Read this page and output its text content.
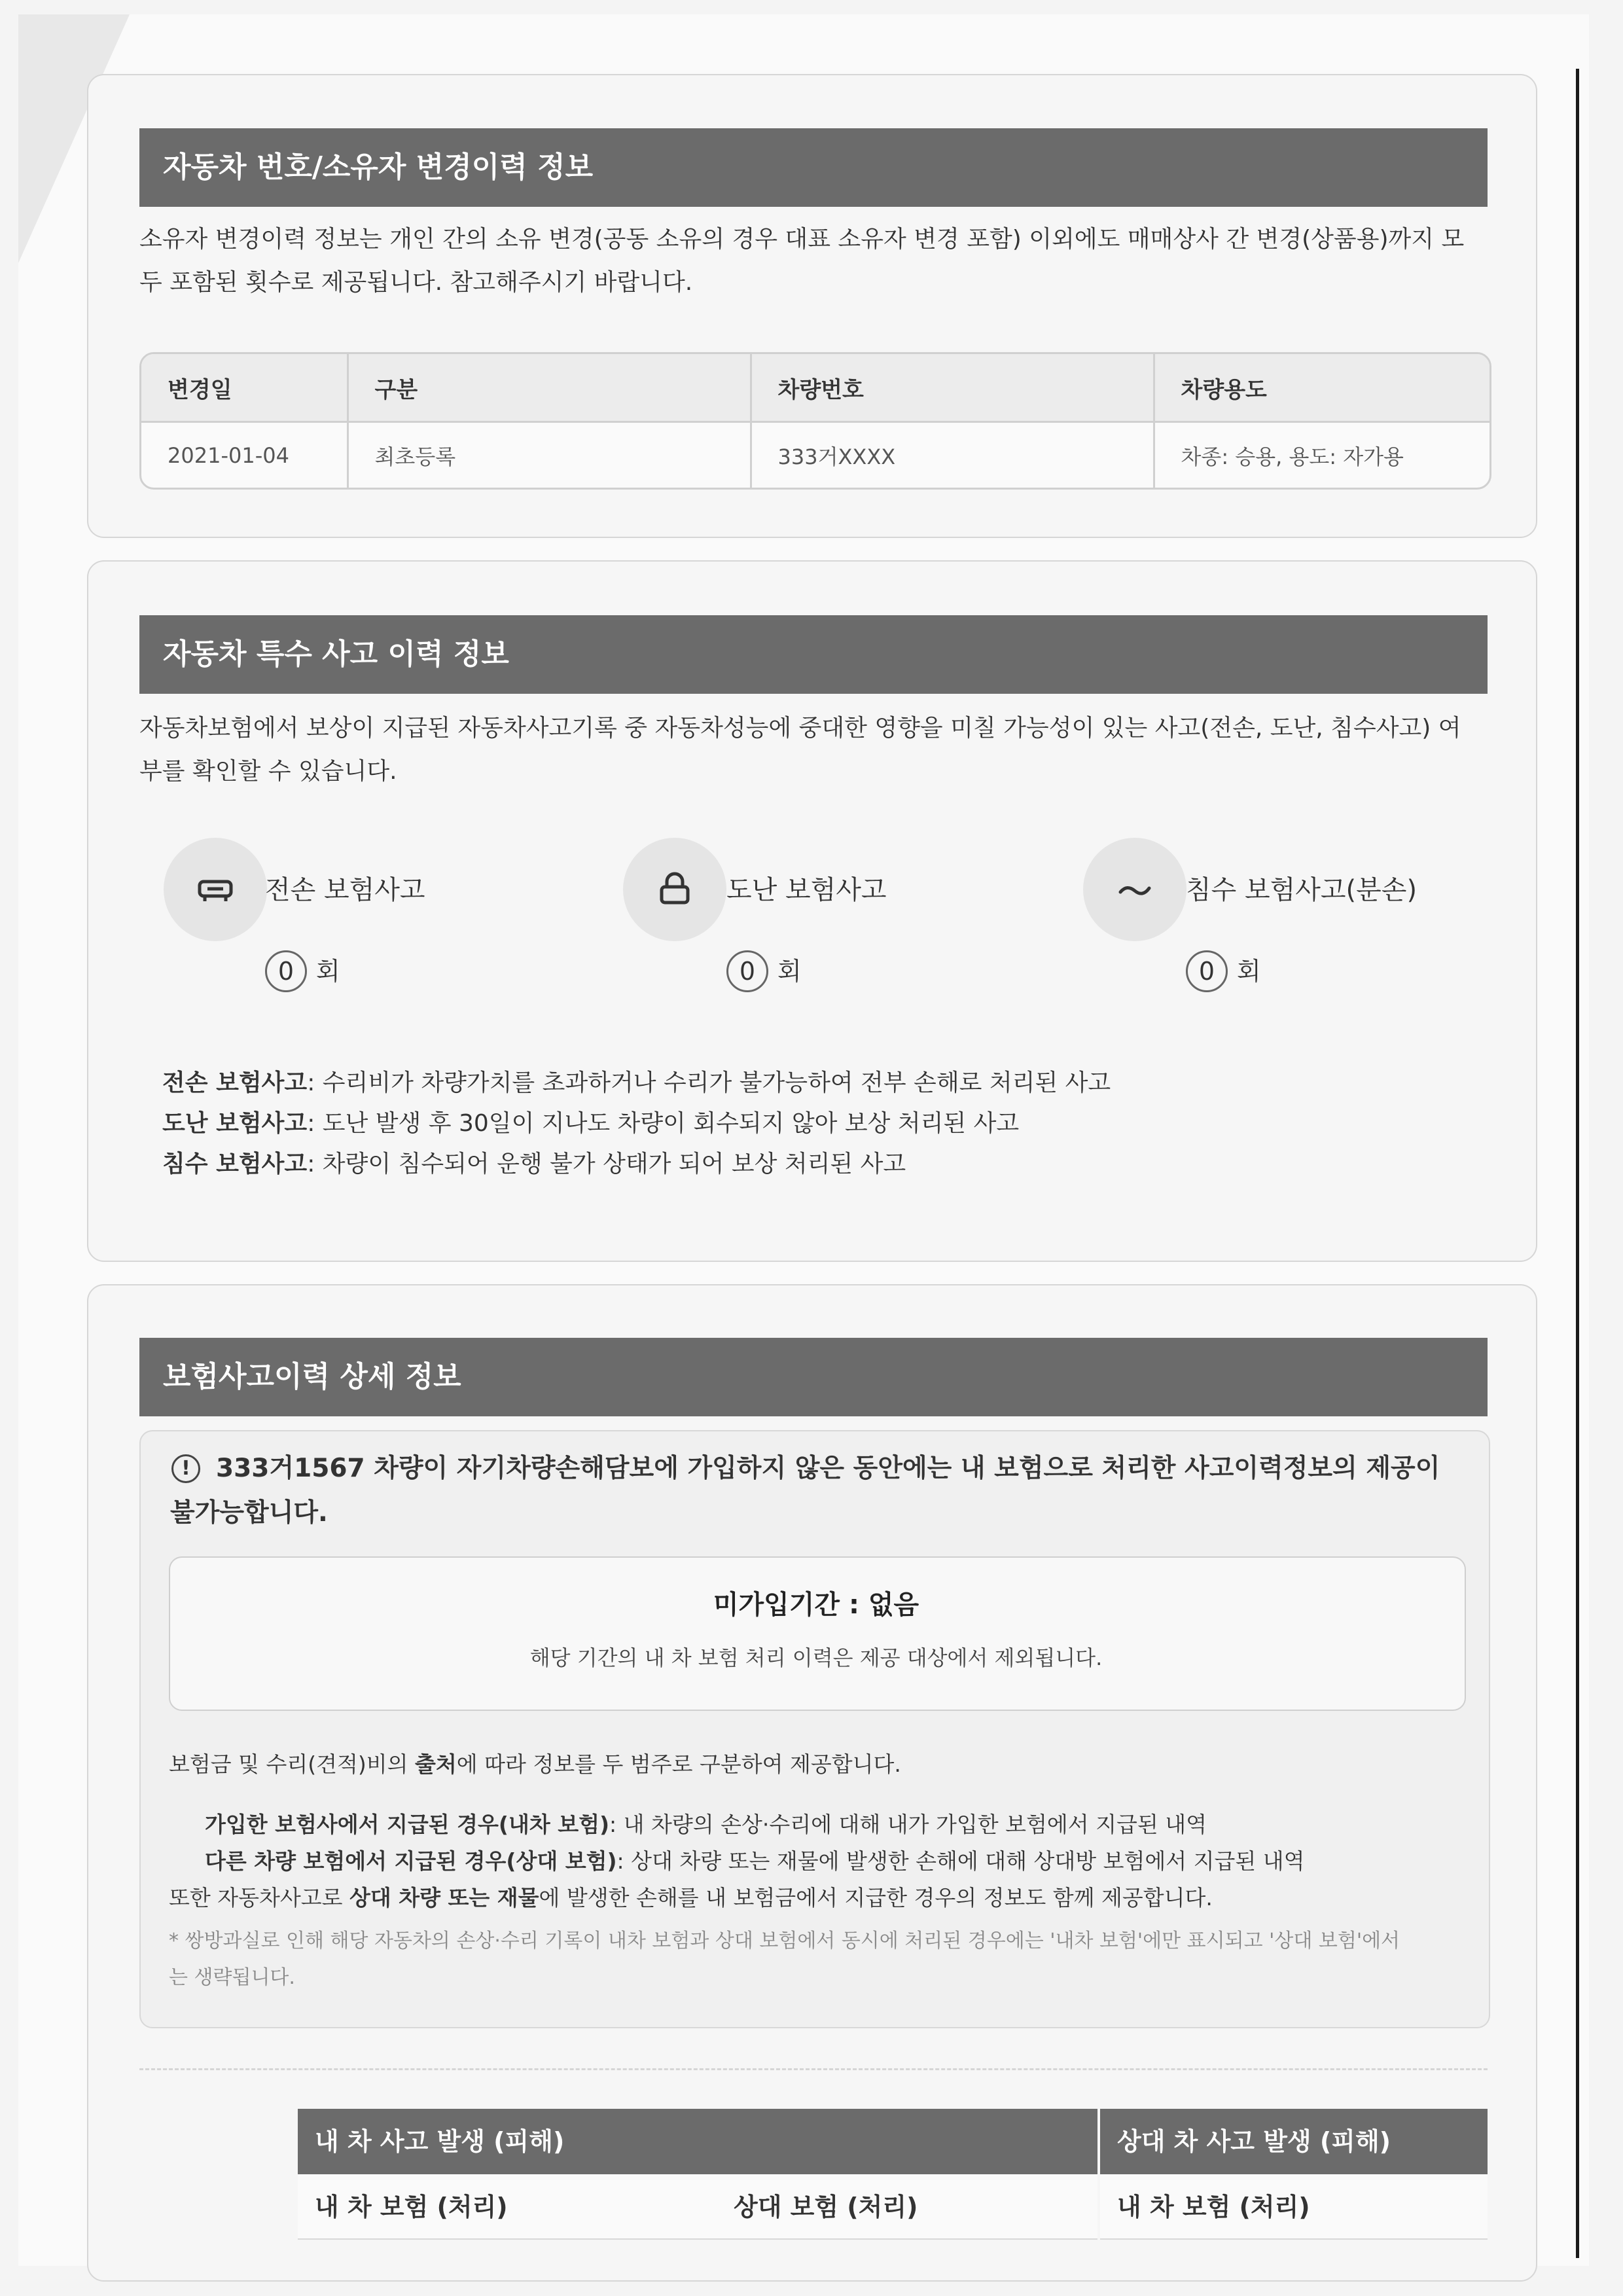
자동차 번호/소유자 변경이력 정보
소유자 변경이력 정보는 개인 간의 소유 변경(공동 소유의 경우 대표 소유자 변경 포함) 이외에도 매매상사 간 변경(상품용)까지 모
두 포함된 횟수로 제공됩니다. 참고해주시기 바랍니다.
변경일	구분	차량번호	차량용도
2021-01-04	최초등록	333거XXXX	차종: 승용, 용도: 자가용
자동차 특수 사고 이력 정보
자동차보험에서 보상이 지급된 자동차사고기록 중 자동차성능에 중대한 영향을 미칠 가능성이 있는 사고(전손, 도난, 침수사고) 여
부를 확인할 수 있습니다.
전손 보험사고
0 회
도난 보험사고
0 회
침수 보험사고(분손)
0 회
전손 보험사고: 수리비가 차량가치를 초과하거나 수리가 불가능하여 전부 손해로 처리된 사고
도난 보험사고: 도난 발생 후 30일이 지나도 차량이 회수되지 않아 보상 처리된 사고
침수 보험사고: 차량이 침수되어 운행 불가 상태가 되어 보상 처리된 사고
보험사고이력 상세 정보
!	333거1567 차량이 자기차량손해담보에 가입하지 않은 동안에는 내 보험으로 처리한 사고이력정보의 제공이 불가능합니다.
미가입기간 : 없음
해당 기간의 내 차 보험 처리 이력은 제공 대상에서 제외됩니다.
보험금 및 수리(견적)비의 출처에 따라 정보를 두 범주로 구분하여 제공합니다.
가입한 보험사에서 지급된 경우(내차 보험): 내 차량의 손상·수리에 대해 내가 가입한 보험에서 지급된 내역
다른 차량 보험에서 지급된 경우(상대 보험): 상대 차량 또는 재물에 발생한 손해에 대해 상대방 보험에서 지급된 내역
또한 자동차사고로 상대 차량 또는 재물에 발생한 손해를 내 보험금에서 지급한 경우의 정보도 함께 제공합니다.
* 쌍방과실로 인해 해당 자동차의 손상·수리 기록이 내차 보험과 상대 보험에서 동시에 처리된 경우에는 '내차 보험'에만 표시되고 '상대 보험'에서
는 생략됩니다.
내 차 사고 발생 (피해)	상대 차 사고 발생 (피해)
내 차 보험 (처리)	상대 보험 (처리)	내 차 보험 (처리)
